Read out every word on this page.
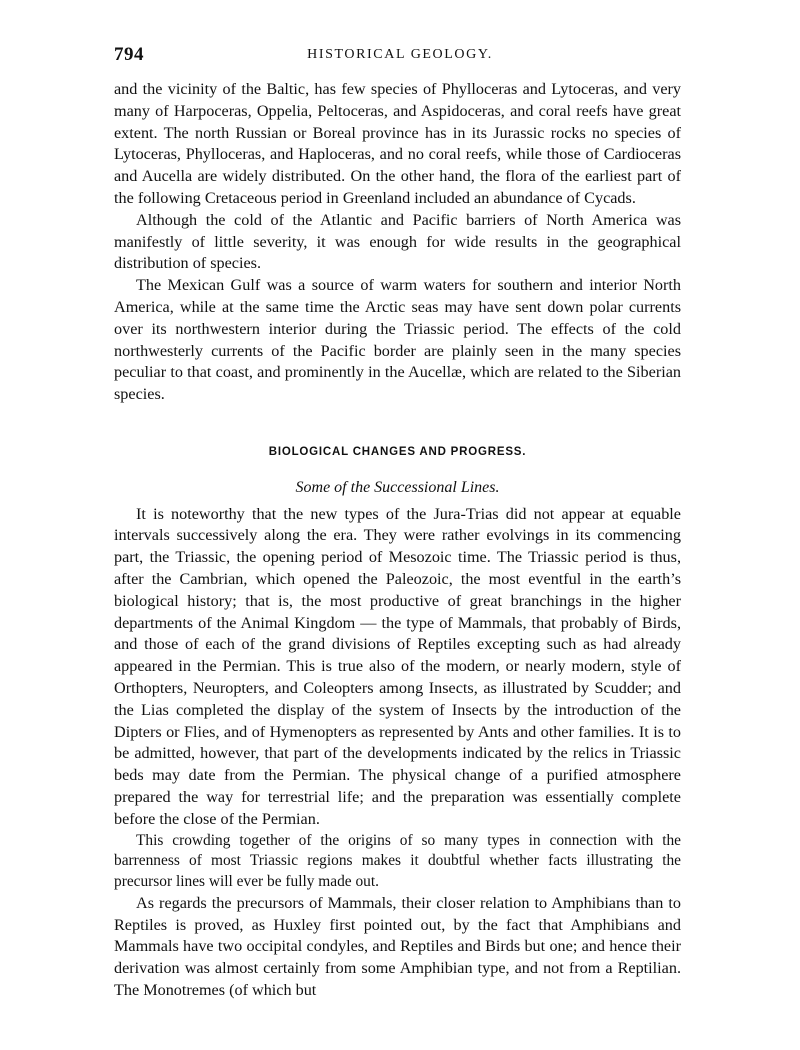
794	HISTORICAL GEOLOGY.

and the vicinity of the Baltic, has few species of Phylloceras and Lytoceras, and very many of Harpoceras, Oppelia, Peltoceras, and Aspidoceras, and coral reefs have great extent. The north Russian or Boreal province has in its Jurassic rocks no species of Lytoceras, Phylloceras, and Haploceras, and no coral reefs, while those of Cardioceras and Aucella are widely distributed. On the other hand, the flora of the earliest part of the following Cretaceous period in Greenland included an abundance of Cycads.

Although the cold of the Atlantic and Pacific barriers of North America was manifestly of little severity, it was enough for wide results in the geographical distribution of species.

The Mexican Gulf was a source of warm waters for southern and interior North America, while at the same time the Arctic seas may have sent down polar currents over its northwestern interior during the Triassic period. The effects of the cold northwesterly currents of the Pacific border are plainly seen in the many species peculiar to that coast, and prominently in the Aucellæ, which are related to the Siberian species.

BIOLOGICAL CHANGES AND PROGRESS.
Some of the Successional Lines.

It is noteworthy that the new types of the Jura-Trias did not appear at equable intervals successively along the era. They were rather evolvings in its commencing part, the Triassic, the opening period of Mesozoic time. The Triassic period is thus, after the Cambrian, which opened the Paleozoic, the most eventful in the earth’s biological history; that is, the most productive of great branchings in the higher departments of the Animal Kingdom — the type of Mammals, that probably of Birds, and those of each of the grand divisions of Reptiles excepting such as had already appeared in the Permian. This is true also of the modern, or nearly modern, style of Orthopters, Neuropters, and Coleopters among Insects, as illustrated by Scudder; and the Lias completed the display of the system of Insects by the introduction of the Dipters or Flies, and of Hymenopters as represented by Ants and other families. It is to be admitted, however, that part of the developments indicated by the relics in Triassic beds may date from the Permian. The physical change of a purified atmosphere prepared the way for terrestrial life; and the preparation was essentially complete before the close of the Permian.

This crowding together of the origins of so many types in connection with the barrenness of most Triassic regions makes it doubtful whether facts illustrating the precursor lines will ever be fully made out.

As regards the precursors of Mammals, their closer relation to Amphibians than to Reptiles is proved, as Huxley first pointed out, by the fact that Amphibians and Mammals have two occipital condyles, and Reptiles and Birds but one; and hence their derivation was almost certainly from some Amphibian type, and not from a Reptilian. The Monotremes (of which but
